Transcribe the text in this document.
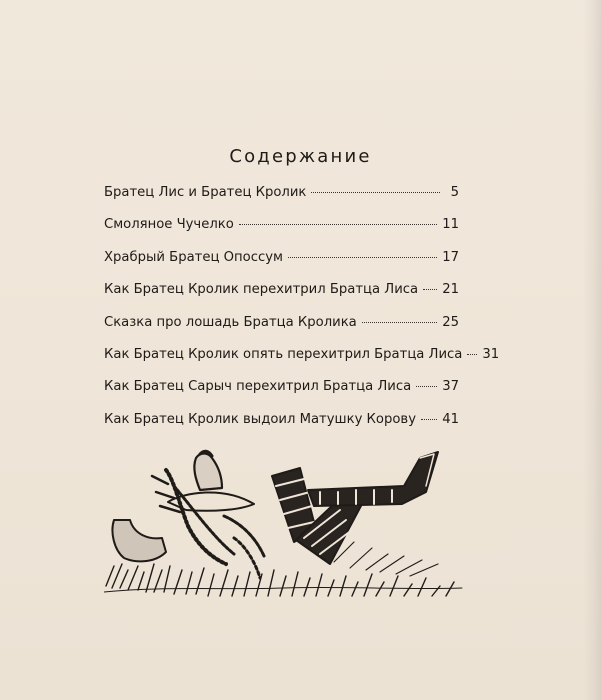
Содержание
Братец Лис и Братец Кролик	5
Смоляное Чучелко	11
Храбрый Братец Опоссум	17
Как Братец Кролик перехитрил Братца Лиса 21
Сказка про лошадь Братца Кролика	25
Как Братец Кролик опять перехитрил Братца Лиса 31
Как Братец Сарыч перехитрил Братца Лиса 37
Как Братец Кролик выдоил Матушку Корову 41
